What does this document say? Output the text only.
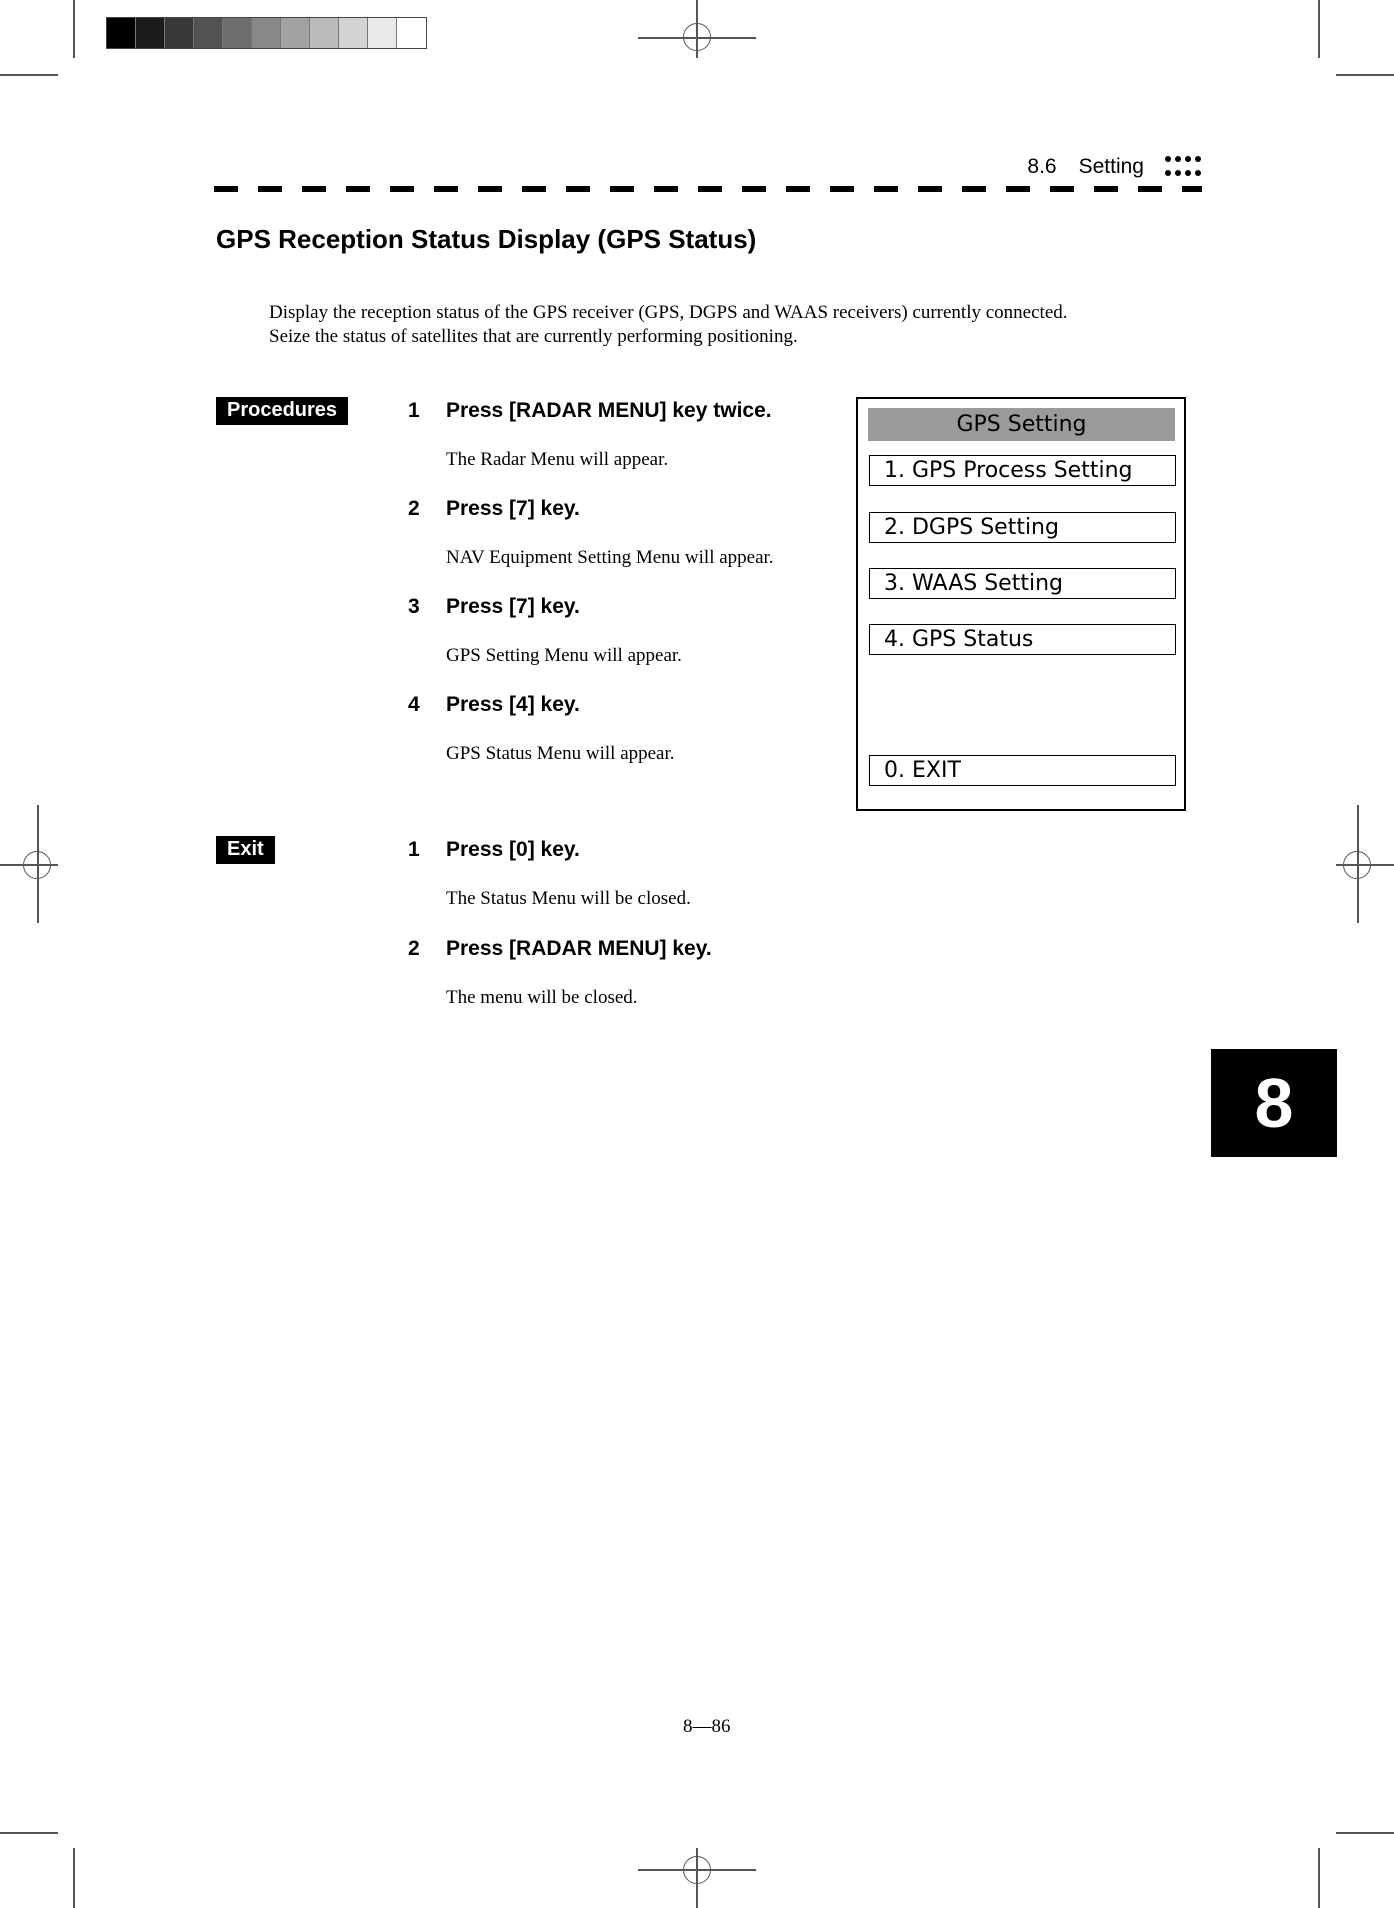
8.6 Setting
GPS Reception Status Display (GPS Status)
Display the reception status of the GPS receiver (GPS, DGPS and WAAS receivers) currently connected.
Seize the status of satellites that are currently performing positioning.
Procedures	1 Press [RADAR MENU] key twice.
The Radar Menu will appear.
2 Press [7] key.
NAV Equipment Setting Menu will appear.
3 Press [7] key.
GPS Setting Menu will appear.
4 Press [4] key.
GPS Status Menu will appear.
GPS Setting
1. GPS Process Setting
2. DGPS Setting
3. WAAS Setting
4. GPS Status
0. EXIT
Exit	1 Press [0] key.
The Status Menu will be closed.
2 Press [RADAR MENU] key.
The menu will be closed.
8
8—86
